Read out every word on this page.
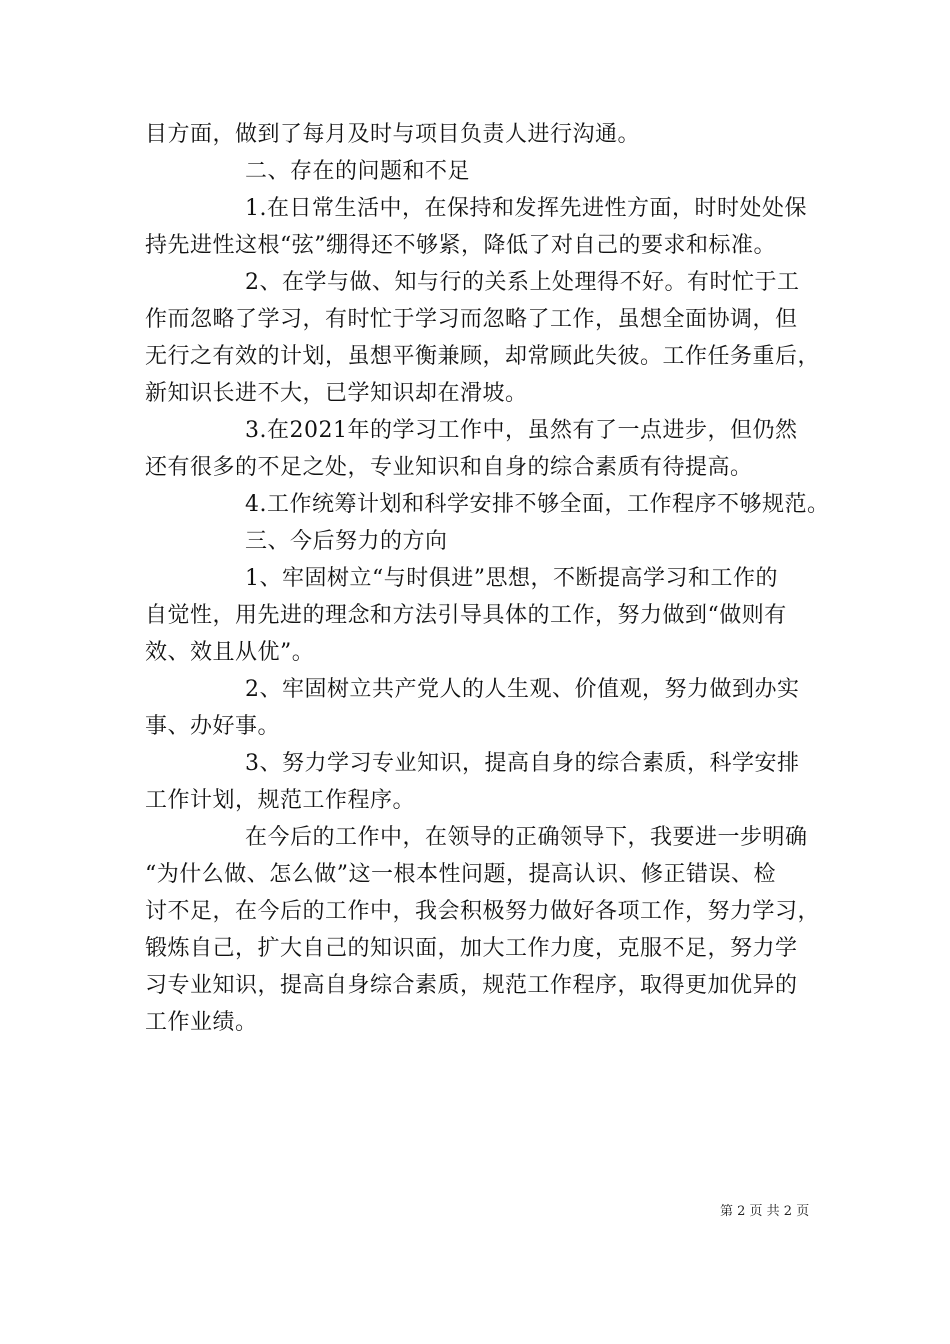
目方面，做到了每月及时与项目负责人进行沟通。
二、存在的问题和不足
1.在日常生活中，在保持和发挥先进性方面，时时处处保
持先进性这根“弦”绷得还不够紧，降低了对自己的要求和标准。
2、在学与做、知与行的关系上处理得不好。有时忙于工
作而忽略了学习，有时忙于学习而忽略了工作，虽想全面协调，但
无行之有效的计划，虽想平衡兼顾，却常顾此失彼。工作任务重后，
新知识长进不大，已学知识却在滑坡。
3.在2021年的学习工作中，虽然有了一点进步，但仍然
还有很多的不足之处，专业知识和自身的综合素质有待提高。
4.工作统筹计划和科学安排不够全面，工作程序不够规范。
三、今后努力的方向
1、牢固树立“与时俱进”思想，不断提高学习和工作的
自觉性，用先进的理念和方法引导具体的工作，努力做到“做则有
效、效且从优”。
2、牢固树立共产党人的人生观、价值观，努力做到办实
事、办好事。
3、努力学习专业知识，提高自身的综合素质，科学安排
工作计划，规范工作程序。
在今后的工作中，在领导的正确领导下，我要进一步明确
“为什么做、怎么做”这一根本性问题，提高认识、修正错误、检
讨不足，在今后的工作中，我会积极努力做好各项工作，努力学习，
锻炼自己，扩大自己的知识面，加大工作力度，克服不足，努力学
习专业知识，提高自身综合素质，规范工作程序，取得更加优异的
工作业绩。
第 2 页 共 2 页
